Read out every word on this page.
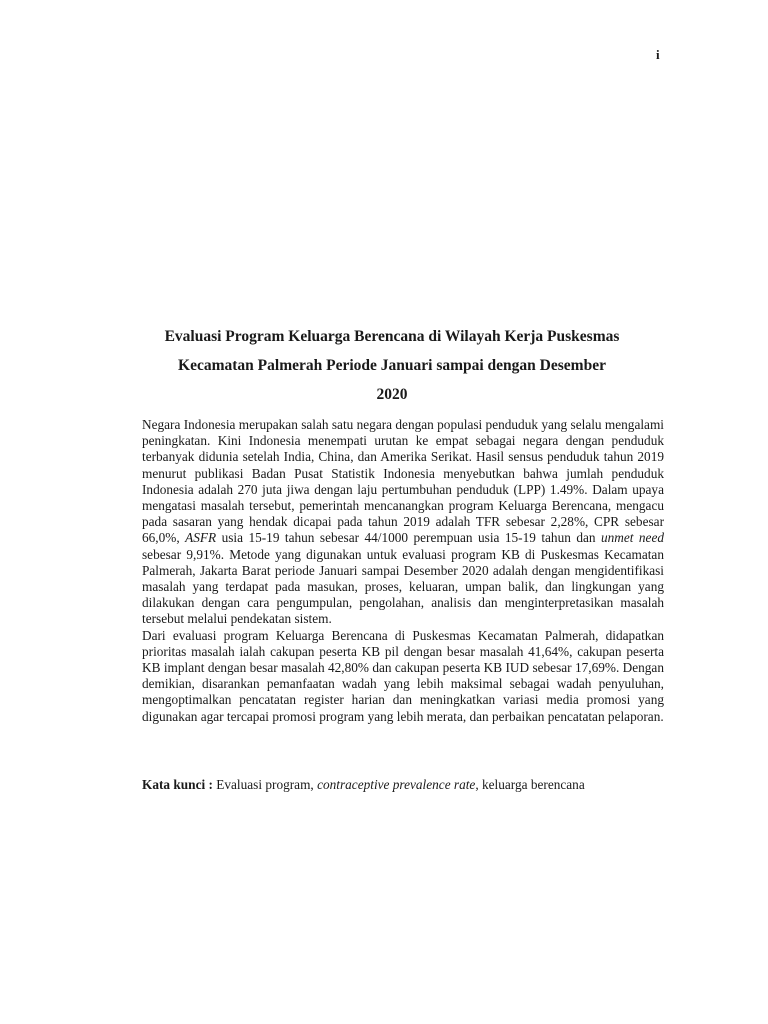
i
Evaluasi Program Keluarga Berencana di Wilayah Kerja Puskesmas
Kecamatan Palmerah Periode Januari sampai dengan Desember
2020

Negara Indonesia merupakan salah satu negara dengan populasi penduduk yang selalu mengalami peningkatan. Kini Indonesia menempati urutan ke empat sebagai negara dengan penduduk terbanyak didunia setelah India, China, dan Amerika Serikat. Hasil sensus penduduk tahun 2019 menurut publikasi Badan Pusat Statistik Indonesia menyebutkan bahwa jumlah penduduk Indonesia adalah 270 juta jiwa dengan laju pertumbuhan penduduk (LPP) 1.49%. Dalam upaya mengatasi masalah tersebut, pemerintah mencanangkan program Keluarga Berencana, mengacu pada sasaran yang hendak dicapai pada tahun 2019 adalah TFR sebesar 2,28%, CPR sebesar 66,0%, ASFR usia 15-19 tahun sebesar 44/1000 perempuan usia 15-19 tahun dan unmet need sebesar 9,91%. Metode yang digunakan untuk evaluasi program KB di Puskesmas Kecamatan Palmerah, Jakarta Barat periode Januari sampai Desember 2020 adalah dengan mengidentifikasi masalah yang terdapat pada masukan, proses, keluaran, umpan balik, dan lingkungan yang dilakukan dengan cara pengumpulan, pengolahan, analisis dan menginterpretasikan masalah tersebut melalui pendekatan sistem.

Dari evaluasi program Keluarga Berencana di Puskesmas Kecamatan Palmerah, didapatkan prioritas masalah ialah cakupan peserta KB pil dengan besar masalah 41,64%, cakupan peserta KB implant dengan besar masalah 42,80% dan cakupan peserta KB IUD sebesar 17,69%. Dengan demikian, disarankan pemanfaatan wadah yang lebih maksimal sebagai wadah penyuluhan, mengoptimalkan pencatatan register harian dan meningkatkan variasi media promosi yang digunakan agar tercapai promosi program yang lebih merata, dan perbaikan pencatatan pelaporan.

Kata kunci : Evaluasi program, contraceptive prevalence rate, keluarga berencana
